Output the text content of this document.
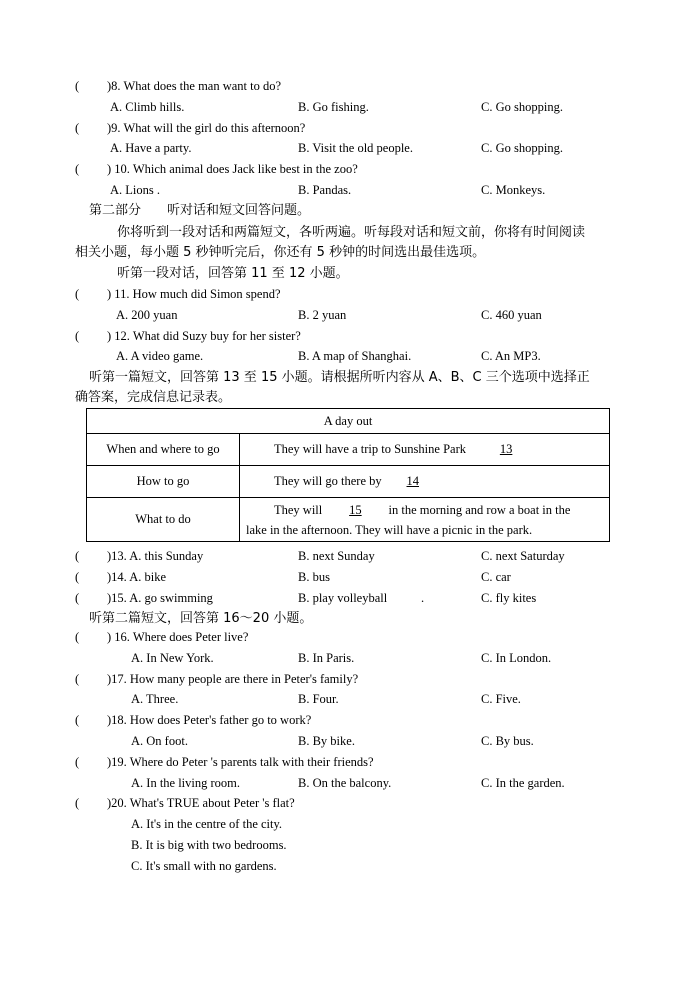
( )8. What does the man want to do?
A. Climb hills.	B. Go fishing.	C. Go shopping.
( )9. What will the girl do this afternoon?
A. Have a party.	B. Visit the old people.	C. Go shopping.
( ) 10. Which animal does Jack like best in the zoo?
A. Lions .	B. Pandas.	C. Monkeys.
第二部分　　听对话和短文回答问题。
你将听到一段对话和两篇短文，各听两遍。听每段对话和短文前，你将有时间阅读
相关小题，每小题 5 秒钟听完后，你还有 5 秒钟的时间选出最佳选项。
听第一段对话，回答第 11 至 12 小题。
( ) 11. How much did Simon spend?
A. 200 yuan	B. 2 yuan	C. 460 yuan
( ) 12. What did Suzy buy for her sister?
A. A video game.	B. A map of Shanghai.	C. An MP3.
听第一篇短文，回答第 13 至 15 小题。请根据所听内容从 A、B、C 三个选项中选择正
确答案，完成信息记录表。
A day out	
When and where to go	They will have a trip to Sunshine Park 13
How to go	They will go there by 14
What to do	They will 15 in the morning and row a boat in the
lake in the afternoon. They will have a picnic in the park.
( )13. A. this Sunday	B. next Sunday	C. next Saturday
( )14. A. bike	B. bus	C. car
( )15. A. go swimming	B. play volleyball	.	C. fly kites
听第二篇短文，回答第 16～20 小题。
( ) 16. Where does Peter live?
A. In New York.	B. In Paris.	C. In London.
( )17. How many people are there in Peter's family?
A. Three.	B. Four.	C. Five.
( )18. How does Peter's father go to work?
A. On foot.	B. By bike.	C. By bus.
( )19. Where do Peter 's parents talk with their friends?
A. In the living room.	B. On the balcony.	C. In the garden.
( )20. What's TRUE about Peter 's flat?
A. It's in the centre of the city.
B. It is big with two bedrooms.
C. It's small with no gardens.
